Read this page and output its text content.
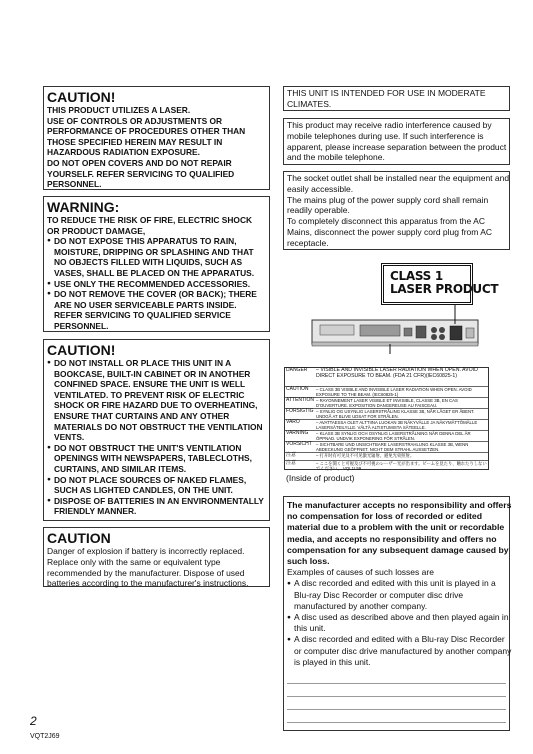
CAUTION!
THIS PRODUCT UTILIZES A LASER.
USE OF CONTROLS OR ADJUSTMENTS OR
PERFORMANCE OF PROCEDURES OTHER THAN
THOSE SPECIFIED HEREIN MAY RESULT IN
HAZARDOUS RADIATION EXPOSURE.
DO NOT OPEN COVERS AND DO NOT REPAIR
YOURSELF. REFER SERVICING TO QUALIFIED
PERSONNEL.
WARNING:
TO REDUCE THE RISK OF FIRE, ELECTRIC SHOCK
OR PRODUCT DAMAGE,
● DO NOT EXPOSE THIS APPARATUS TO RAIN,
MOISTURE, DRIPPING OR SPLASHING AND THAT
NO OBJECTS FILLED WITH LIQUIDS, SUCH AS
VASES, SHALL BE PLACED ON THE APPARATUS.
● USE ONLY THE RECOMMENDED ACCESSORIES.
● DO NOT REMOVE THE COVER (OR BACK); THERE
ARE NO USER SERVICEABLE PARTS INSIDE.
REFER SERVICING TO QUALIFIED SERVICE
PERSONNEL.
CAUTION!
● DO NOT INSTALL OR PLACE THIS UNIT IN A
BOOKCASE, BUILT-IN CABINET OR IN ANOTHER
CONFINED SPACE. ENSURE THE UNIT IS WELL
VENTILATED. TO PREVENT RISK OF ELECTRIC
SHOCK OR FIRE HAZARD DUE TO OVERHEATING,
ENSURE THAT CURTAINS AND ANY OTHER
MATERIALS DO NOT OBSTRUCT THE VENTILATION
VENTS.
● DO NOT OBSTRUCT THE UNIT'S VENTILATION
OPENINGS WITH NEWSPAPERS, TABLECLOTHS,
CURTAINS, AND SIMILAR ITEMS.
● DO NOT PLACE SOURCES OF NAKED FLAMES,
SUCH AS LIGHTED CANDLES, ON THE UNIT.
● DISPOSE OF BATTERIES IN AN ENVIRONMENTALLY
FRIENDLY MANNER.
CAUTION
Danger of explosion if battery is incorrectly replaced.
Replace only with the same or equivalent type
recommended by the manufacturer. Dispose of used
batteries according to the manufacturer's instructions.
THIS UNIT IS INTENDED FOR USE IN MODERATE
CLIMATES.
This product may receive radio interference caused by
mobile telephones during use. If such interference is
apparent, please increase separation between the product
and the mobile telephone.
The socket outlet shall be installed near the equipment and
easily accessible.
The mains plug of the power supply cord shall remain
readily operable.
To completely disconnect this apparatus from the AC
Mains, disconnect the power supply cord plug from AC
receptacle.
CLASS 1
LASER PRODUCT
DANGER	– VISIBLE AND INVISIBLE LASER RADIATION WHEN OPEN. AVOID DIRECT EXPOSURE TO BEAM. (FDA 21 CFR)(IEC60825-1)
CAUTION	– CLASS 3B VISIBLE AND INVISIBLE LASER RADIATION WHEN OPEN. AVOID EXPOSURE TO THE BEAM. (IEC60825-1)
ATTENTION – RAYONNEMENT LASER VISIBLE ET INVISIBLE, CLASSE 3B, EN CAS D'OUVERTURE. EXPOSITION DANGEREUSE AU FAISCEAU.
FORSIGTIG – SYNLIG OG USYNLIG LASERSTRÅLING KLASSE 3B, NÅR LÅGET ER ÅBENT. UNDGÅ AT BLIVE UDSAT FOR STRÅLEN.
VARO	– AVATTAESSA OLET ALTTIINA LUOKAN 3B NÄKYVÄLLE JA NÄKYMÄTTÖMÄLLE LASERSÄTEILYLLE. VÄLTÄ ALTISTUMISTA SÄTEELLE.
VARNING	– KLASS 3B SYNLIG OCH OSYNLIG LASERSTRÅLNING NÄR DENNA DEL ÄR ÖPPNAD. UNDVIK EXPONERING FÖR STRÅLEN.
VORSICHT – SICHTBARE UND UNSICHTBARE LASERSTRAHLUNG KLASSE 3B, WENN ABDECKUNG GEÖFFNET. NICHT DEM STRAHL AUSSETZEN.
注意	– 打开时有可见及不可见激光辐射。避免光束照射。
注意	– ここを開くと可視及び不可視のレーザー光が出ます。ビームを見たり、触れたりしないでください。 VQL1L59
(Inside of product)
The manufacturer accepts no responsibility and offers
no compensation for loss of recorded or edited
material due to a problem with the unit or recordable
media, and accepts no responsibility and offers no
compensation for any subsequent damage caused by
such loss.
Examples of causes of such losses are
● A disc recorded and edited with this unit is played in a
Blu-ray Disc Recorder or computer disc drive
manufactured by another company.
● A disc used as described above and then played again in
this unit.
● A disc recorded and edited with a Blu-ray Disc Recorder
or computer disc drive manufactured by another company
is played in this unit.
2
VQT2J69
